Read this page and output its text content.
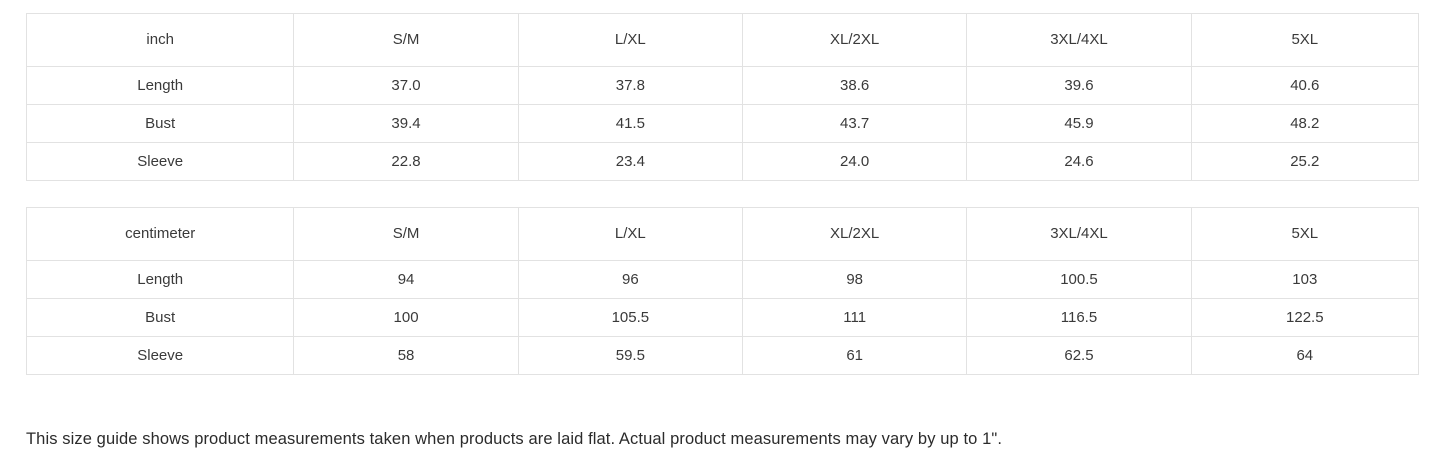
inch	S/M	L/XL	XL/2XL	3XL/4XL	5XL
Length	37.0	37.8	38.6	39.6	40.6
Bust	39.4	41.5	43.7	45.9	48.2
Sleeve	22.8	23.4	24.0	24.6	25.2
centimeter	S/M	L/XL	XL/2XL	3XL/4XL	5XL
Length	94	96	98	100.5	103
Bust	100	105.5	111	116.5	122.5
Sleeve	58	59.5	61	62.5	64
This size guide shows product measurements taken when products are laid flat. Actual product measurements may vary by up to 1".
